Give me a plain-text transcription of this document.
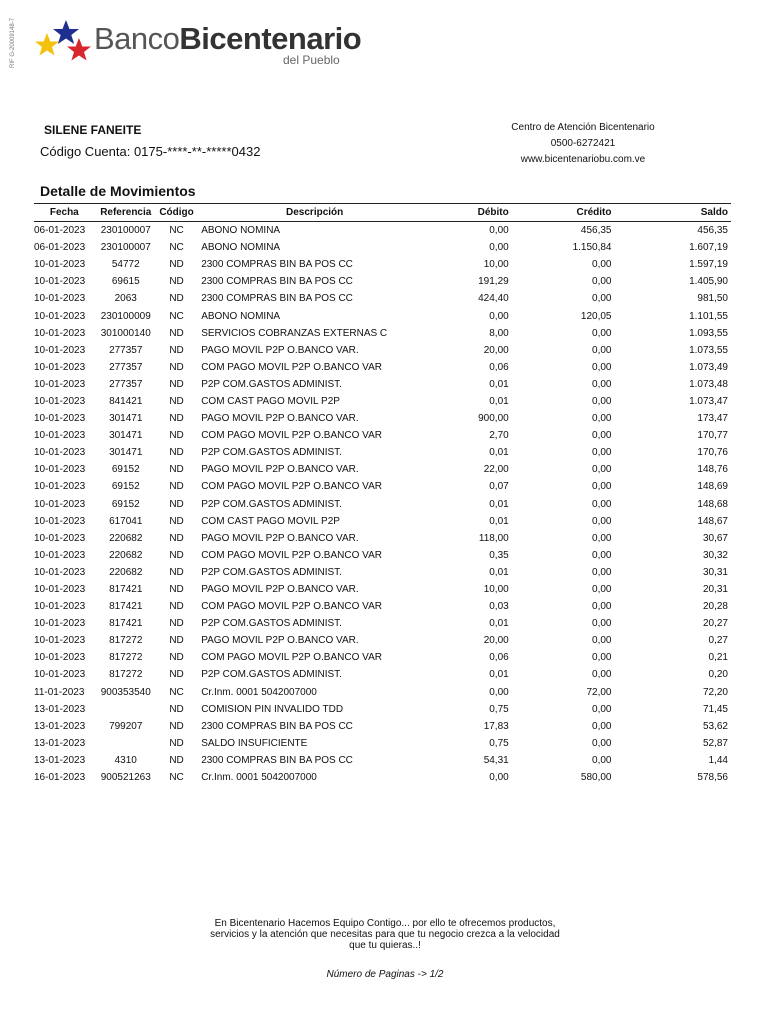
RIF G-20009148-7	BancoBicentenario
del Pueblo
SILENE FANEITE
Código Cuenta: 0175-****-**-*****0432
Centro de Atención Bicentenario
0500-6272421
www.bicentenariobu.com.ve
Detalle de Movimientos
Fecha	Referencia	Código	Descripción	Débito	Crédito	Saldo
06-01-2023	230100007	NC	ABONO NOMINA	0,00	456,35	456,35
06-01-2023	230100007	NC	ABONO NOMINA	0,00	1.150,84	1.607,19
10-01-2023	54772	ND	2300 COMPRAS BIN BA POS CC	10,00	0,00	1.597,19
10-01-2023	69615	ND	2300 COMPRAS BIN BA POS CC	191,29	0,00	1.405,90
10-01-2023	2063	ND	2300 COMPRAS BIN BA POS CC	424,40	0,00	981,50
10-01-2023	230100009	NC	ABONO NOMINA	0,00	120,05	1.101,55
10-01-2023	301000140	ND	SERVICIOS COBRANZAS EXTERNAS C	8,00	0,00	1.093,55
10-01-2023	277357	ND	PAGO MOVIL P2P O.BANCO VAR.	20,00	0,00	1.073,55
10-01-2023	277357	ND	COM PAGO MOVIL P2P O.BANCO VAR	0,06	0,00	1.073,49
10-01-2023	277357	ND	P2P COM.GASTOS ADMINIST.	0,01	0,00	1.073,48
10-01-2023	841421	ND	COM CAST PAGO MOVIL P2P	0,01	0,00	1.073,47
10-01-2023	301471	ND	PAGO MOVIL P2P O.BANCO VAR.	900,00	0,00	173,47
10-01-2023	301471	ND	COM PAGO MOVIL P2P O.BANCO VAR	2,70	0,00	170,77
10-01-2023	301471	ND	P2P COM.GASTOS ADMINIST.	0,01	0,00	170,76
10-01-2023	69152	ND	PAGO MOVIL P2P O.BANCO VAR.	22,00	0,00	148,76
10-01-2023	69152	ND	COM PAGO MOVIL P2P O.BANCO VAR	0,07	0,00	148,69
10-01-2023	69152	ND	P2P COM.GASTOS ADMINIST.	0,01	0,00	148,68
10-01-2023	617041	ND	COM CAST PAGO MOVIL P2P	0,01	0,00	148,67
10-01-2023	220682	ND	PAGO MOVIL P2P O.BANCO VAR.	118,00	0,00	30,67
10-01-2023	220682	ND	COM PAGO MOVIL P2P O.BANCO VAR	0,35	0,00	30,32
10-01-2023	220682	ND	P2P COM.GASTOS ADMINIST.	0,01	0,00	30,31
10-01-2023	817421	ND	PAGO MOVIL P2P O.BANCO VAR.	10,00	0,00	20,31
10-01-2023	817421	ND	COM PAGO MOVIL P2P O.BANCO VAR	0,03	0,00	20,28
10-01-2023	817421	ND	P2P COM.GASTOS ADMINIST.	0,01	0,00	20,27
10-01-2023	817272	ND	PAGO MOVIL P2P O.BANCO VAR.	20,00	0,00	0,27
10-01-2023	817272	ND	COM PAGO MOVIL P2P O.BANCO VAR	0,06	0,00	0,21
10-01-2023	817272	ND	P2P COM.GASTOS ADMINIST.	0,01	0,00	0,20
11-01-2023	900353540	NC	Cr.Inm. 0001 5042007000	0,00	72,00	72,20
13-01-2023		ND	COMISION PIN INVALIDO TDD	0,75	0,00	71,45
13-01-2023	799207	ND	2300 COMPRAS BIN BA POS CC	17,83	0,00	53,62
13-01-2023		ND	SALDO INSUFICIENTE	0,75	0,00	52,87
13-01-2023	4310	ND	2300 COMPRAS BIN BA POS CC	54,31	0,00	1,44
16-01-2023	900521263	NC	Cr.Inm. 0001 5042007000	0,00	580,00	578,56
En Bicentenario Hacemos Equipo Contigo... por ello te ofrecemos productos,
servicios y la atención que necesitas para que tu negocio crezca a la velocidad
que tu quieras..!
Número de Paginas -> 1/2
